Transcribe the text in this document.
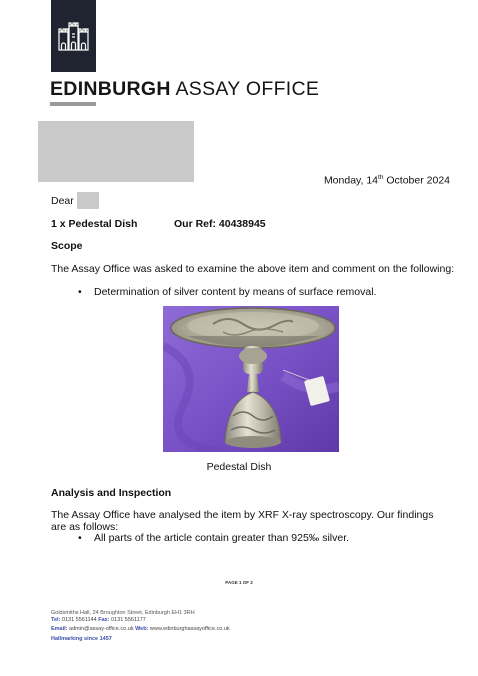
EDINBURGH ASSAY OFFICE
Monday, 14th October 2024
Dear
1 x Pedestal Dish	Our Ref: 40438945
Scope
The Assay Office was asked to examine the above item and comment on the following:
• Determination of silver content by means of surface removal.
Pedestal Dish
Analysis and Inspection
The Assay Office have analysed the item by XRF X-ray spectroscopy. Our findings are as follows:
• All parts of the article contain greater than 925‰ silver.
PAGE 1 OF 2
Goldsmiths Hall, 24 Broughton Street, Edinburgh EH1 3RH
Tel: 0131 5561144 Fax: 0131 5561177
Email: admin@assay-office.co.uk Web: www.edinburghassayoffice.co.uk
Hallmarking since 1457
